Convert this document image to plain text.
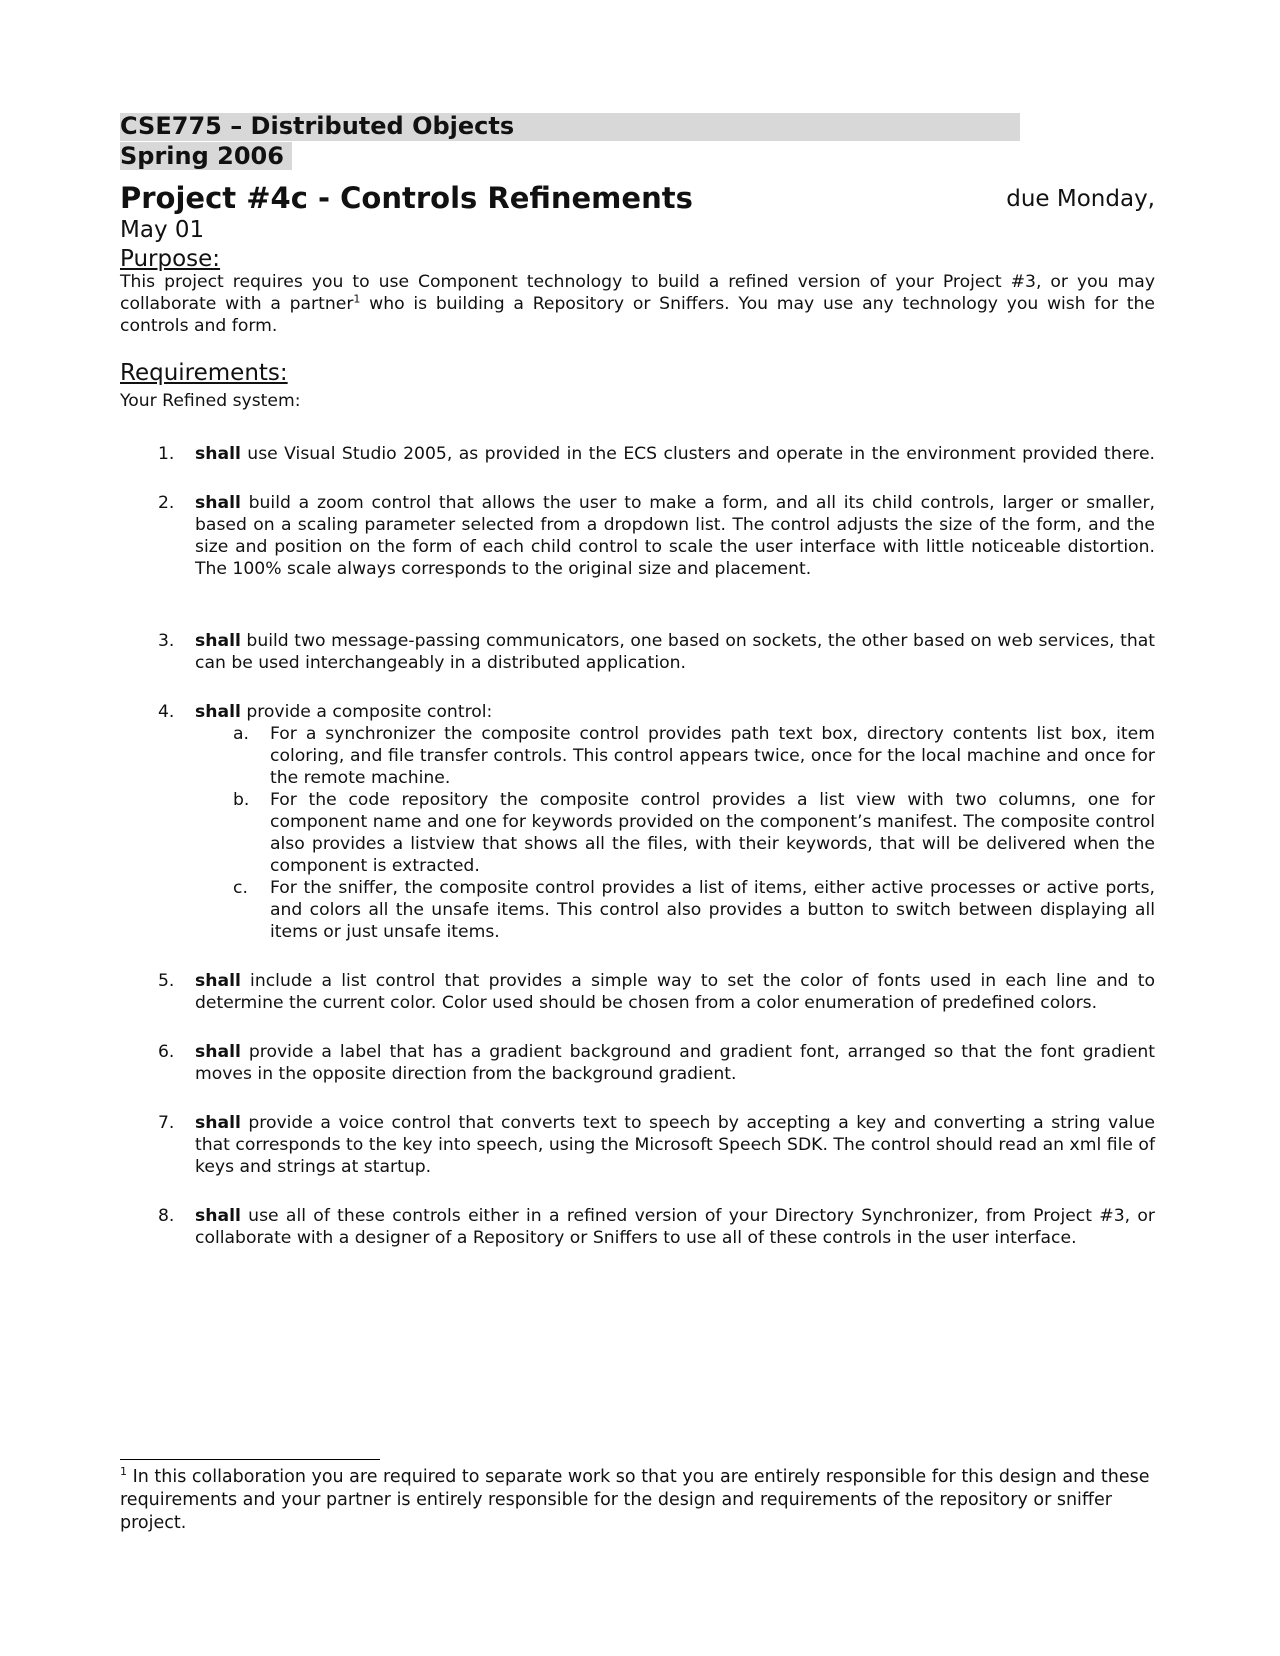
CSE775 – Distributed Objects
Spring 2006
Project #4c - Controls Refinements	due Monday,
May 01
Purpose:
This project requires you to use Component technology to build a refined version of your Project #3, or you may collaborate with a partner$^1$ who is building a Repository or Sniffers. You may use any technology you wish for the controls and form.
Requirements:
Your Refined system:
1. shall use Visual Studio 2005, as provided in the ECS clusters and operate in the environment provided there.
2. shall build a zoom control that allows the user to make a form, and all its child controls, larger or smaller, based on a scaling parameter selected from a dropdown list. The control adjusts the size of the form, and the size and position on the form of each child control to scale the user interface with little noticeable distortion. The 100% scale always corresponds to the original size and placement.
3. shall build two message-passing communicators, one based on sockets, the other based on web services, that can be used interchangeably in a distributed application.
4. shall provide a composite control:
a. For a synchronizer the composite control provides path text box, directory contents list box, item coloring, and file transfer controls. This control appears twice, once for the local machine and once for the remote machine.
b. For the code repository the composite control provides a list view with two columns, one for component name and one for keywords provided on the component’s manifest. The composite control also provides a listview that shows all the files, with their keywords, that will be delivered when the component is extracted.
c. For the sniffer, the composite control provides a list of items, either active processes or active ports, and colors all the unsafe items. This control also provides a button to switch between displaying all items or just unsafe items.
5. shall include a list control that provides a simple way to set the color of fonts used in each line and to determine the current color. Color used should be chosen from a color enumeration of predefined colors.
6. shall provide a label that has a gradient background and gradient font, arranged so that the font gradient moves in the opposite direction from the background gradient.
7. shall provide a voice control that converts text to speech by accepting a key and converting a string value that corresponds to the key into speech, using the Microsoft Speech SDK. The control should read an xml file of keys and strings at startup.
8. shall use all of these controls either in a refined version of your Directory Synchronizer, from Project #3, or collaborate with a designer of a Repository or Sniffers to use all of these controls in the user interface.
$^1$ In this collaboration you are required to separate work so that you are entirely responsible for this design and these requirements and your partner is entirely responsible for the design and requirements of the repository or sniffer project.
